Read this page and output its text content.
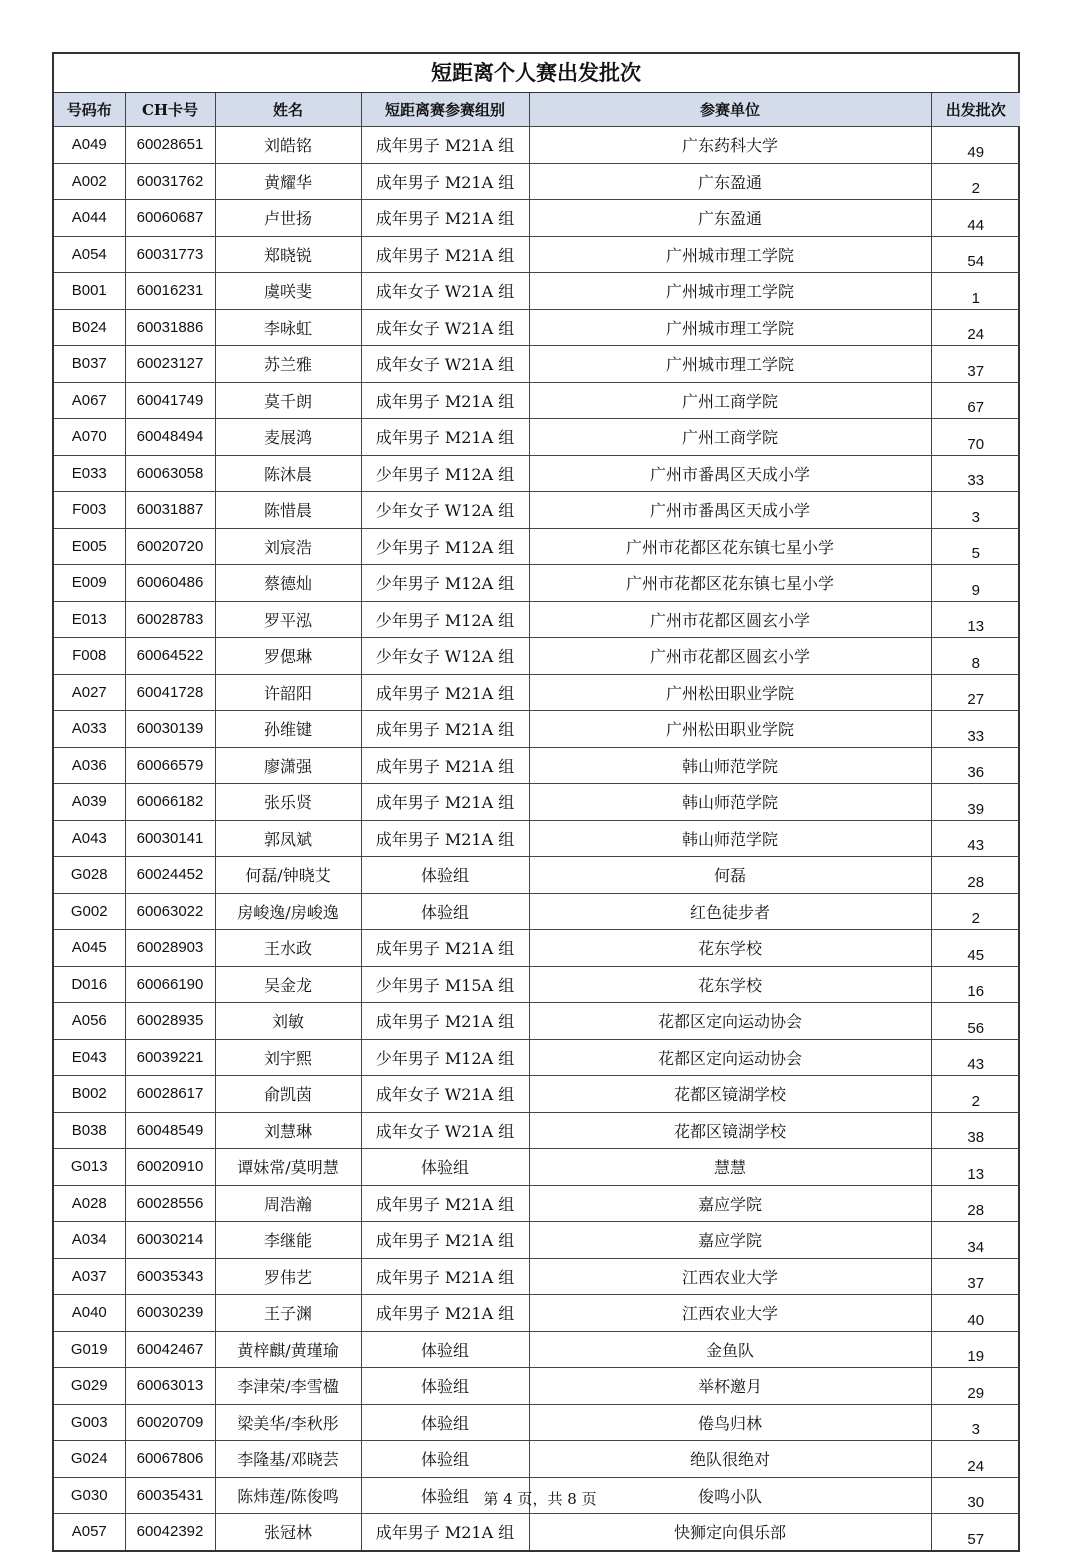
短距离个人赛出发批次
号码布	CH卡号	姓名	短距离赛参赛组别	参赛单位	出发批次
A049	60028651	刘皓铭	成年男子 M21A 组	广东药科大学	49
A002	60031762	黄耀华	成年男子 M21A 组	广东盈通	2
A044	60060687	卢世扬	成年男子 M21A 组	广东盈通	44
A054	60031773	郑晓锐	成年男子 M21A 组	广州城市理工学院	54
B001	60016231	虞咲斐	成年女子 W21A 组	广州城市理工学院	1
B024	60031886	李咏虹	成年女子 W21A 组	广州城市理工学院	24
B037	60023127	苏兰雅	成年女子 W21A 组	广州城市理工学院	37
A067	60041749	莫千朗	成年男子 M21A 组	广州工商学院	67
A070	60048494	麦展鸿	成年男子 M21A 组	广州工商学院	70
E033	60063058	陈沐晨	少年男子 M12A 组	广州市番禺区天成小学	33
F003	60031887	陈惜晨	少年女子 W12A 组	广州市番禺区天成小学	3
E005	60020720	刘宸浩	少年男子 M12A 组	广州市花都区花东镇七星小学	5
E009	60060486	蔡德灿	少年男子 M12A 组	广州市花都区花东镇七星小学	9
E013	60028783	罗平泓	少年男子 M12A 组	广州市花都区圆玄小学	13
F008	60064522	罗偲琳	少年女子 W12A 组	广州市花都区圆玄小学	8
A027	60041728	许韶阳	成年男子 M21A 组	广州松田职业学院	27
A033	60030139	孙维键	成年男子 M21A 组	广州松田职业学院	33
A036	60066579	廖潇强	成年男子 M21A 组	韩山师范学院	36
A039	60066182	张乐贤	成年男子 M21A 组	韩山师范学院	39
A043	60030141	郭凤斌	成年男子 M21A 组	韩山师范学院	43
G028	60024452	何磊/钟晓艾	体验组	何磊	28
G002	60063022	房峻逸/房峻逸	体验组	红色徒步者	2
A045	60028903	王水政	成年男子 M21A 组	花东学校	45
D016	60066190	吴金龙	少年男子 M15A 组	花东学校	16
A056	60028935	刘敏	成年男子 M21A 组	花都区定向运动协会	56
E043	60039221	刘宇熙	少年男子 M12A 组	花都区定向运动协会	43
B002	60028617	俞凯茵	成年女子 W21A 组	花都区镜湖学校	2
B038	60048549	刘慧琳	成年女子 W21A 组	花都区镜湖学校	38
G013	60020910	谭妹常/莫明慧	体验组	慧慧	13
A028	60028556	周浩瀚	成年男子 M21A 组	嘉应学院	28
A034	60030214	李继能	成年男子 M21A 组	嘉应学院	34
A037	60035343	罗伟艺	成年男子 M21A 组	江西农业大学	37
A040	60030239	王子渊	成年男子 M21A 组	江西农业大学	40
G019	60042467	黄梓麒/黄瑾瑜	体验组	金鱼队	19
G029	60063013	李津荣/李雪楹	体验组	举杯邀月	29
G003	60020709	梁美华/李秋彤	体验组	倦鸟归林	3
G024	60067806	李隆基/邓晓芸	体验组	绝队很绝对	24
G030	60035431	陈炜莲/陈俊鸣	体验组	俊鸣小队	30
A057	60042392	张冠林	成年男子 M21A 组	快狮定向俱乐部	57
第 4 页，共 8 页
